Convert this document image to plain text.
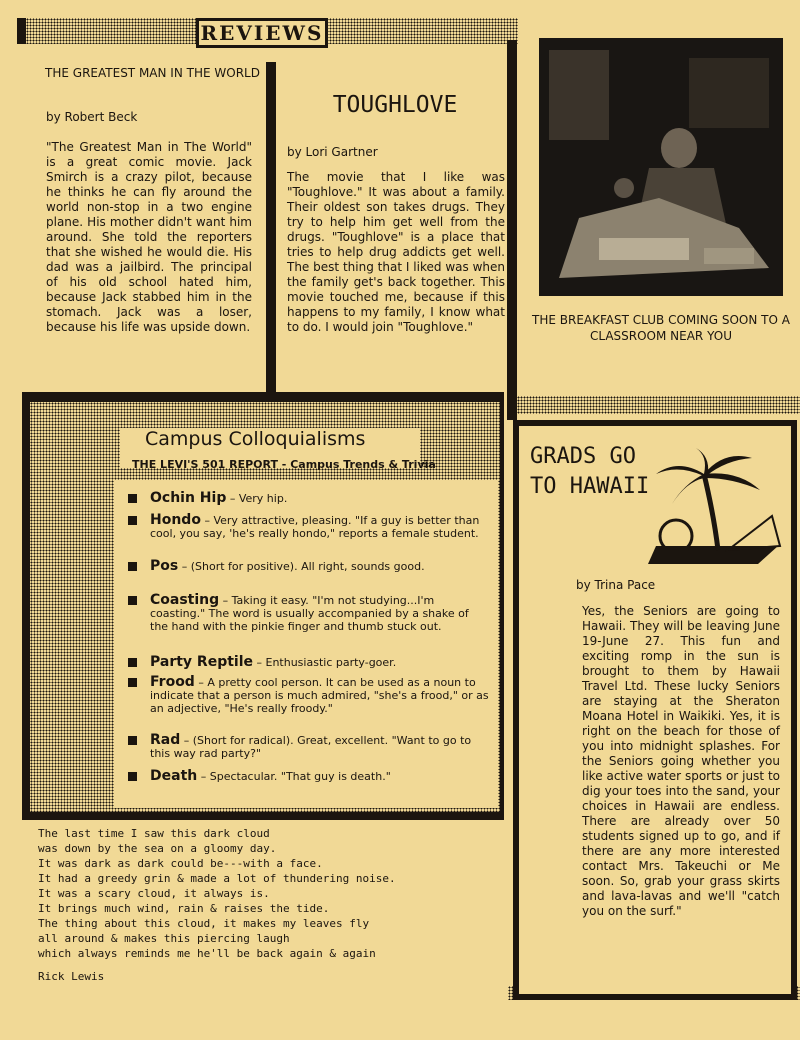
REVIEWS
THE GREATEST MAN IN THE WORLD
by Robert Beck
"The Greatest Man in The World" is a great comic movie. Jack Smirch is a crazy pilot, because he thinks he can fly around the world non-stop in a two engine plane. His mother didn't want him around. She told the reporters that she wished he would die. His dad was a jailbird. The principal of his old school hated him, because Jack stabbed him in the stomach. Jack was a loser, because his life was upside down.
TOUGHLOVE
by Lori Gartner
The movie that I like was "Toughlove." It was about a family. Their oldest son takes drugs. They try to help him get well from the drugs. "Toughlove" is a place that tries to help drug addicts get well. The best thing that I liked was when the family get's back together. This movie touched me, because if this happens to my family, I know what to do. I would join "Toughlove."	THE BREAKFAST CLUB COMING SOON TO A CLASSROOM NEAR YOU
Campus Colloquialisms
THE LEVI'S 501 REPORT - Campus Trends & Trivia
Ochin Hip – Very hip.
Hondo – Very attractive, pleasing. "If a guy is better than cool, you say, 'he's really hondo," reports a female student.
Pos – (Short for positive). All right, sounds good.
Coasting – Taking it easy. "I'm not studying...I'm coasting." The word is usually accompanied by a shake of the hand with the pinkie finger and thumb stuck out.
Party Reptile – Enthusiastic party-goer.
Frood – A pretty cool person. It can be used as a noun to indicate that a person is much admired, "she's a frood," or as an adjective, "He's really froody."
Rad – (Short for radical). Great, excellent. "Want to go to this way rad party?"
Death – Spectacular. "That guy is death."
GRADS GO TO HAWAII
by Trina Pace
Yes, the Seniors are going to Hawaii. They will be leaving June 19-June 27. This fun and exciting romp in the sun is brought to them by Hawaii Travel Ltd. These lucky Seniors are staying at the Sheraton Moana Hotel in Waikiki. Yes, it is right on the beach for those of you into midnight splashes. For the Seniors going whether you like active water sports or just to dig your toes into the sand, your choices in Hawaii are endless. There are already over 50 students signed up to go, and if there are any more interested contact Mrs. Takeuchi or Me soon. So, grab your grass skirts and lava-lavas and we'll "catch you on the surf."
The last time I saw this dark cloud
was down by the sea on a gloomy day.
It was dark as dark could be---with a face.
It had a greedy grin & made a lot of thundering noise.
It was a scary cloud, it always is.
It brings much wind, rain & raises the tide.
The thing about this cloud, it makes my leaves fly
all around & makes this piercing laugh
which always reminds me he'll be back again & again
Rick Lewis
